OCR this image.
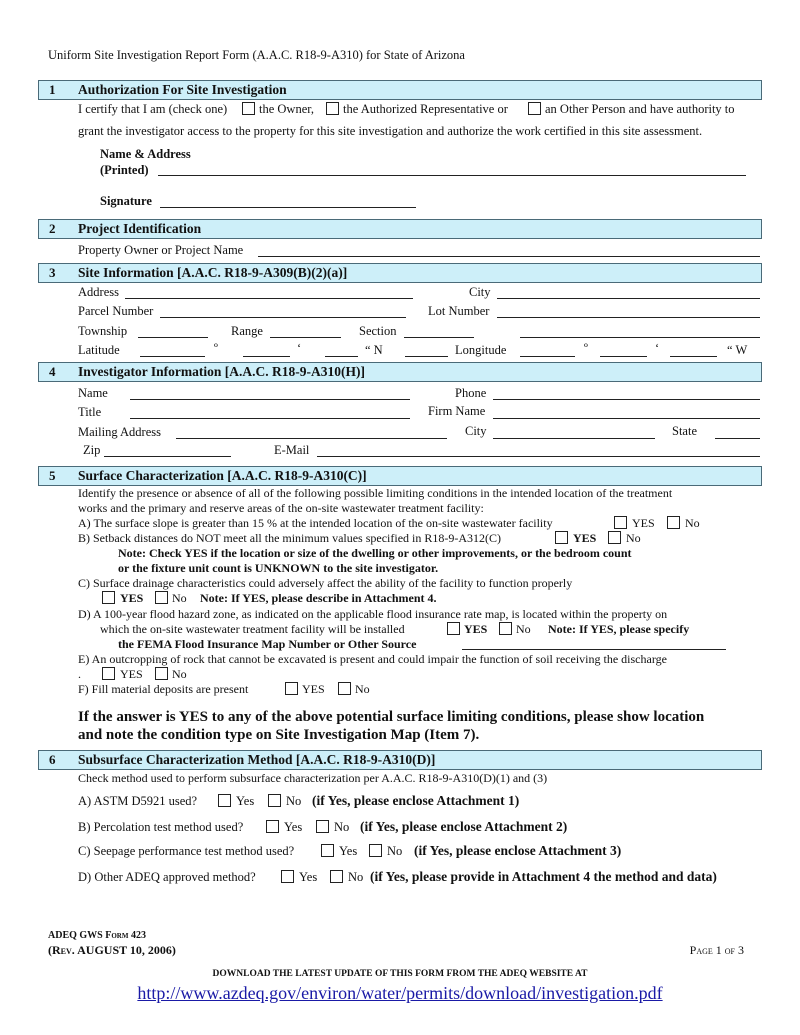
Uniform Site Investigation Report Form (A.A.C. R18-9-A310) for State of Arizona
1 Authorization For Site Investigation
I certify that I am (check one)	the Owner, the Authorized Representative or	an Other Person and have authority to
grant the investigator access to the property for this site investigation and authorize the work certified in this site assessment.
Name & Address
(Printed)
Signature
2 Project Identification
Property Owner or Project Name
3 Site Information [A.A.C. R18-9-A309(B)(2)(a)]
Address	City
Parcel Number	Lot Number
Township	Range	Section
Latitude	º	‘	“ N	Longitude	º	‘	“ W
4 Investigator Information [A.A.C. R18-9-A310(H)]
Name	Phone
Title	Firm Name
Mailing Address	City	State
Zip	E-Mail
5 Surface Characterization [A.A.C. R18-9-A310(C)]
Identify the presence or absence of all of the following possible limiting conditions in the intended location of the treatment
works and the primary and reserve areas of the on-site wastewater treatment facility:
A) The surface slope is greater than 15 % at the intended location of the on-site wastewater facility	YES	No
B) Setback distances do NOT meet all the minimum values specified in R18-9-A312(C)	YES No
Note: Check YES if the location or size of the dwelling or other improvements, or the bedroom count
or the fixture unit count is UNKNOWN to the site investigator.
C) Surface drainage characteristics could adversely affect the ability of the facility to function properly
YES No Note: If YES, please describe in Attachment 4.
D) A 100-year flood hazard zone, as indicated on the applicable flood insurance rate map, is located within the property on
which the on-site wastewater treatment facility will be installed	YES No Note: If YES, please specify
the FEMA Flood Insurance Map Number or Other Source
E) An outcropping of rock that cannot be excavated is present and could impair the function of soil receiving the discharge
.	YES No
F) Fill material deposits are present	YES	No
If the answer is YES to any of the above potential surface limiting conditions, please show location
and note the condition type on Site Investigation Map (Item 7).
6 Subsurface Characterization Method [A.A.C. R18-9-A310(D)]
Check method used to perform subsurface characterization per A.A.C. R18-9-A310(D)(1) and (3)
A) ASTM D5921 used?	Yes	No (if Yes, please enclose Attachment 1)
B) Percolation test method used?	Yes	No (if Yes, please enclose Attachment 2)
C) Seepage performance test method used?	Yes No (if Yes, please enclose Attachment 3)
D) Other ADEQ approved method?	Yes No (if Yes, please provide in Attachment 4 the method and data)
ADEQ GWS Form 423
(Rev. AUGUST 10, 2006)	Page 1 of 3
DOWNLOAD THE LATEST UPDATE OF THIS FORM FROM THE ADEQ WEBSITE AT
http://www.azdeq.gov/environ/water/permits/download/investigation.pdf
